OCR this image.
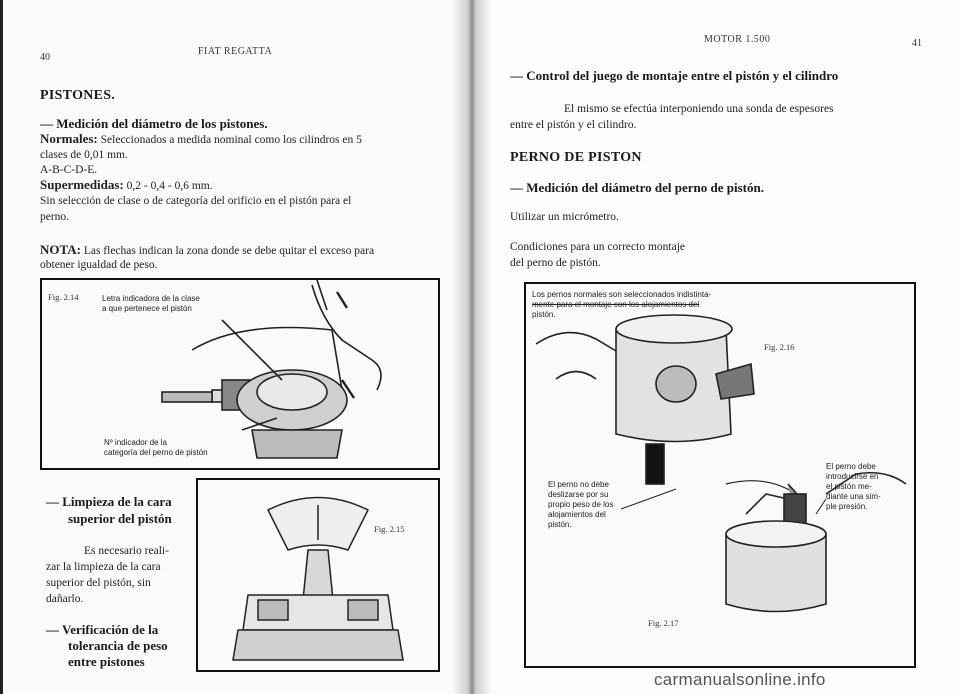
40
FIAT REGATTA
PISTONES.
— Medición del diámetro de los pistones.
Normales: Seleccionados a medida nominal como los cilindros en 5
clases de 0,01 mm.
A-B-C-D-E.
Supermedidas: 0,2 - 0,4 - 0,6 mm.
Sin selección de clase o de categoría del orificio en el pistón para el
perno.
NOTA: Las flechas indican la zona donde se debe quitar el exceso para
obtener igualdad de peso.
Fig. 2.14	Letra indicadora de la clase
a que pertenece el pistón
Nº indicador de la
categoría del perno de pistón
— Limpieza de la cara
superior del pistón
Es necesario reali-
zar la limpieza de la cara
superior del pistón, sin
dañarlo.
— Verificación de la
tolerancia de peso
entre pistones
Fig. 2.15
MOTOR 1.500	41
— Control del juego de montaje entre el pistón y el cilindro
El mismo se efectúa interponiendo una sonda de espesores
entre el pistón y el cilindro.
PERNO DE PISTON
— Medición del diámetro del perno de pistón.
Utilizar un micrómetro.
Condiciones para un correcto montaje
del perno de pistón.
Los pernos normales son seleccionados indistinta-
mente para el montaje con los alojamientos del
pistón.
Fig. 2.16
El perno no debe
deslizarse por su
propio peso de los
alojamientos del
pistón.
El perno debe
introducirse en
el pistón me-
diante una sim-
ple presión.
Fig. 2.17
carmanualsonline.info
